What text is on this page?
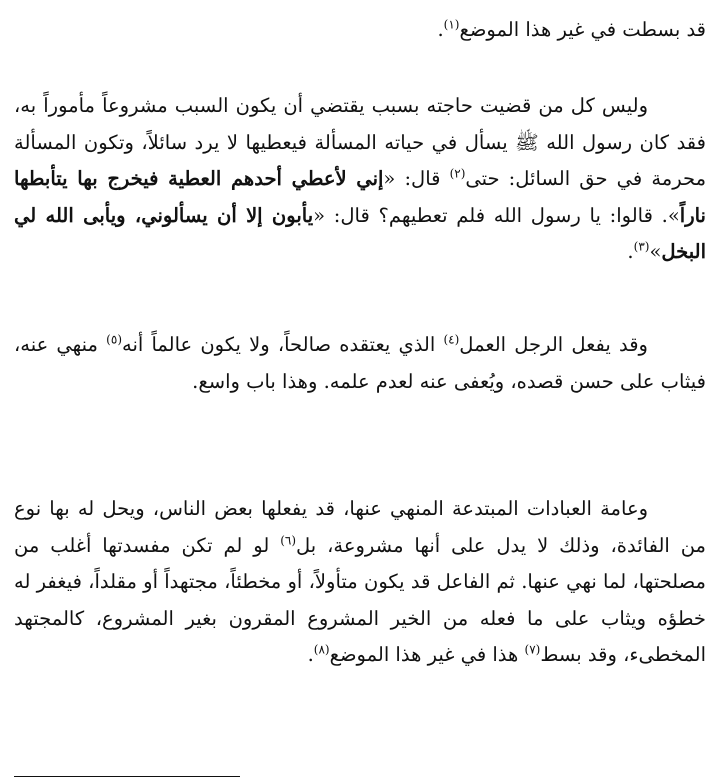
قد بسطت في غير هذا الموضع$^{(١)}$.

وليس كل من قضيت حاجته بسبب يقتضي أن يكون السبب مشروعاً مأموراً به، فقد كان رسول الله ﷺ يسأل في حياته المسألة فيعطيها لا يرد سائلاً، وتكون المسألة محرمة في حق السائل: حتى$^{(٢)}$ قال: «إني لأعطي أحدهم العطية فيخرج بها يتأبطها ناراً». قالوا: يا رسول الله فلم تعطيهم؟ قال: «يأبون إلا أن يسألوني، ويأبى الله لي البخل»$^{(٣)}$.

وقد يفعل الرجل العمل$^{(٤)}$ الذي يعتقده صالحاً، ولا يكون عالماً أنه$^{(٥)}$ منهي عنه، فيثاب على حسن قصده، ويُعفى عنه لعدم علمه. وهذا باب واسع.

وعامة العبادات المبتدعة المنهي عنها، قد يفعلها بعض الناس، ويحل له بها نوع من الفائدة، وذلك لا يدل على أنها مشروعة، بل$^{(٦)}$ لو لم تكن مفسدتها أغلب من مصلحتها، لما نهي عنها. ثم الفاعل قد يكون متأولاً، أو مخطئاً، مجتهداً أو مقلداً، فيغفر له خطؤه ويثاب على ما فعله من الخير المشروع المقرون بغير المشروع، كالمجتهد المخطىء، وقد بسط$^{(٧)}$ هذا في غير هذا الموضع$^{(٨)}$.
